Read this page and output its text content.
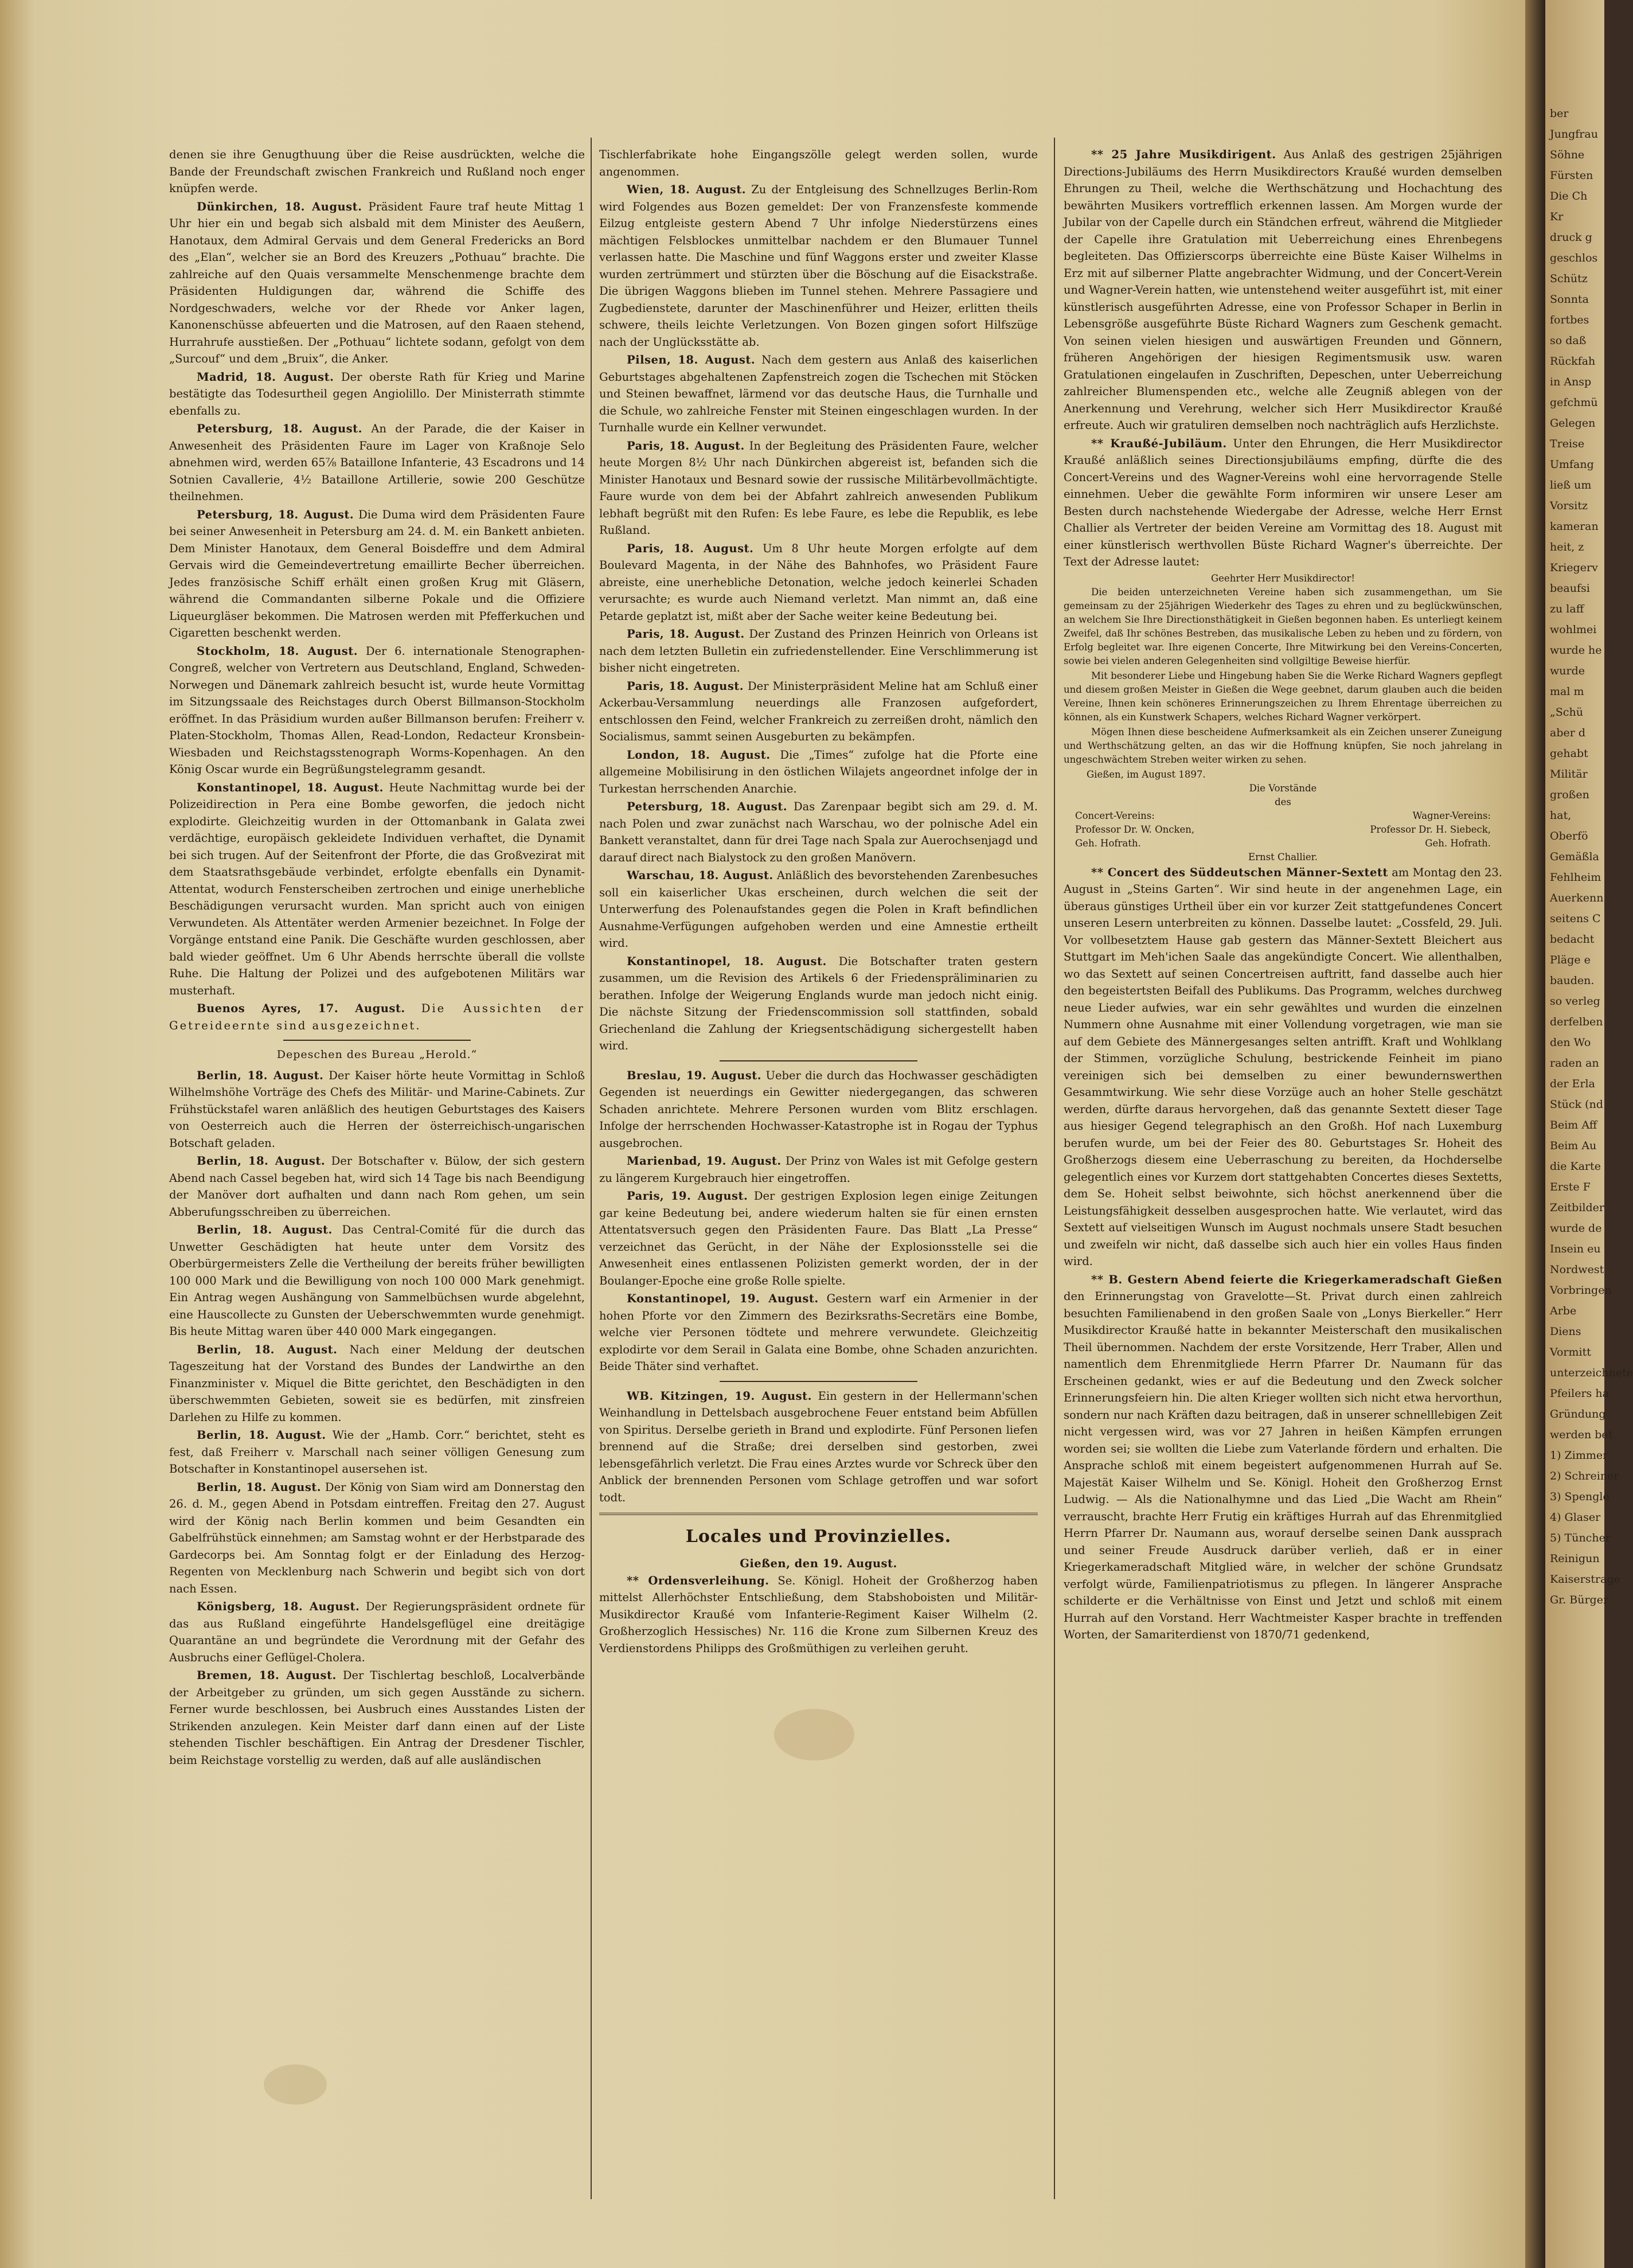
denen sie ihre Genugthuung über die Reise ausdrückten, welche die Bande der Freundschaft zwischen Frankreich und Rußland noch enger knüpfen werde.

Dünkirchen, 18. August. Präsident Faure traf heute Mittag 1 Uhr hier ein und begab sich alsbald mit dem Minister des Aeußern, Hanotaux, dem Admiral Gervais und dem General Fredericks an Bord des „Elan“, welcher sie an Bord des Kreuzers „Pothuau“ brachte. Die zahlreiche auf den Quais versammelte Menschenmenge brachte dem Präsidenten Huldigungen dar, während die Schiffe des Nordgeschwaders, welche vor der Rhede vor Anker lagen, Kanonenschüsse abfeuerten und die Matrosen, auf den Raaen stehend, Hurrahrufe ausstießen. Der „Pothuau“ lichtete sodann, gefolgt von dem „Surcouf“ und dem „Bruix“, die Anker.

Madrid, 18. August. Der oberste Rath für Krieg und Marine bestätigte das Todesurtheil gegen Angiolillo. Der Ministerrath stimmte ebenfalls zu.

Petersburg, 18. August. An der Parade, die der Kaiser in Anwesenheit des Präsidenten Faure im Lager von Kraßnoje Selo abnehmen wird, werden 65⅞ Bataillone Infanterie, 43 Escadrons und 14 Sotnien Cavallerie, 4½ Bataillone Artillerie, sowie 200 Geschütze theilnehmen.

Petersburg, 18. August. Die Duma wird dem Präsidenten Faure bei seiner Anwesenheit in Petersburg am 24. d. M. ein Bankett anbieten. Dem Minister Hanotaux, dem General Boisdeffre und dem Admiral Gervais wird die Gemeindevertretung emaillirte Becher überreichen. Jedes französische Schiff erhält einen großen Krug mit Gläsern, während die Commandanten silberne Pokale und die Offiziere Liqueurgläser bekommen. Die Matrosen werden mit Pfefferkuchen und Cigaretten beschenkt werden.

Stockholm, 18. August. Der 6. internationale Stenographen-Congreß, welcher von Vertretern aus Deutschland, England, Schweden-Norwegen und Dänemark zahlreich besucht ist, wurde heute Vormittag im Sitzungssaale des Reichstages durch Oberst Billmanson-Stockholm eröffnet. In das Präsidium wurden außer Billmanson berufen: Freiherr v. Platen-Stockholm, Thomas Allen, Read-London, Redacteur Kronsbein-Wiesbaden und Reichstagsstenograph Worms-Kopenhagen. An den König Oscar wurde ein Begrüßungstelegramm gesandt.

Konstantinopel, 18. August. Heute Nachmittag wurde bei der Polizeidirection in Pera eine Bombe geworfen, die jedoch nicht explodirte. Gleichzeitig wurden in der Ottomanbank in Galata zwei verdächtige, europäisch gekleidete Individuen verhaftet, die Dynamit bei sich trugen. Auf der Seitenfront der Pforte, die das Großvezirat mit dem Staatsrathsgebäude verbindet, erfolgte ebenfalls ein Dynamit-Attentat, wodurch Fensterscheiben zertrochen und einige unerhebliche Beschädigungen verursacht wurden. Man spricht auch von einigen Verwundeten. Als Attentäter werden Armenier bezeichnet. In Folge der Vorgänge entstand eine Panik. Die Geschäfte wurden geschlossen, aber bald wieder geöffnet. Um 6 Uhr Abends herrschte überall die vollste Ruhe. Die Haltung der Polizei und des aufgebotenen Militärs war musterhaft.

Buenos Ayres, 17. August. Die Aussichten der Getreideernte sind ausgezeichnet.

Depeschen des Bureau „Herold.“

Berlin, 18. August. Der Kaiser hörte heute Vormittag in Schloß Wilhelmshöhe Vorträge des Chefs des Militär- und Marine-Cabinets. Zur Frühstückstafel waren anläßlich des heutigen Geburtstages des Kaisers von Oesterreich auch die Herren der österreichisch-ungarischen Botschaft geladen.

Berlin, 18. August. Der Botschafter v. Bülow, der sich gestern Abend nach Cassel begeben hat, wird sich 14 Tage bis nach Beendigung der Manöver dort aufhalten und dann nach Rom gehen, um sein Abberufungsschreiben zu überreichen.

Berlin, 18. August. Das Central-Comité für die durch das Unwetter Geschädigten hat heute unter dem Vorsitz des Oberbürgermeisters Zelle die Vertheilung der bereits früher bewilligten 100 000 Mark und die Bewilligung von noch 100 000 Mark genehmigt. Ein Antrag wegen Aushängung von Sammelbüchsen wurde abgelehnt, eine Hauscollecte zu Gunsten der Ueberschwemmten wurde genehmigt. Bis heute Mittag waren über 440 000 Mark eingegangen.

Berlin, 18. August. Nach einer Meldung der deutschen Tageszeitung hat der Vorstand des Bundes der Landwirthe an den Finanzminister v. Miquel die Bitte gerichtet, den Beschädigten in den überschwemmten Gebieten, soweit sie es bedürfen, mit zinsfreien Darlehen zu Hilfe zu kommen.

Berlin, 18. August. Wie der „Hamb. Corr.“ berichtet, steht es fest, daß Freiherr v. Marschall nach seiner völligen Genesung zum Botschafter in Konstantinopel ausersehen ist.

Berlin, 18. August. Der König von Siam wird am Donnerstag den 26. d. M., gegen Abend in Potsdam eintreffen. Freitag den 27. August wird der König nach Berlin kommen und beim Gesandten ein Gabelfrühstück einnehmen; am Samstag wohnt er der Herbstparade des Gardecorps bei. Am Sonntag folgt er der Einladung des Herzog-Regenten von Mecklenburg nach Schwerin und begibt sich von dort nach Essen.

Königsberg, 18. August. Der Regierungspräsident ordnete für das aus Rußland eingeführte Handelsgeflügel eine dreitägige Quarantäne an und begründete die Verordnung mit der Gefahr des Ausbruchs einer Geflügel-Cholera.

Bremen, 18. August. Der Tischlertag beschloß, Localverbände der Arbeitgeber zu gründen, um sich gegen Ausstände zu sichern. Ferner wurde beschlossen, bei Ausbruch eines Ausstandes Listen der Strikenden anzulegen. Kein Meister darf dann einen auf der Liste stehenden Tischler beschäftigen. Ein Antrag der Dresdener Tischler, beim Reichstage vorstellig zu werden, daß auf alle ausländischen

Tischlerfabrikate hohe Eingangszölle gelegt werden sollen, wurde angenommen.

Wien, 18. August. Zu der Entgleisung des Schnellzuges Berlin-Rom wird Folgendes aus Bozen gemeldet: Der von Franzensfeste kommende Eilzug entgleiste gestern Abend 7 Uhr infolge Niederstürzens eines mächtigen Felsblockes unmittelbar nachdem er den Blumauer Tunnel verlassen hatte. Die Maschine und fünf Waggons erster und zweiter Klasse wurden zertrümmert und stürzten über die Böschung auf die Eisackstraße. Die übrigen Waggons blieben im Tunnel stehen. Mehrere Passagiere und Zugbedienstete, darunter der Maschinenführer und Heizer, erlitten theils schwere, theils leichte Verletzungen. Von Bozen gingen sofort Hilfszüge nach der Unglücksstätte ab.

Pilsen, 18. August. Nach dem gestern aus Anlaß des kaiserlichen Geburtstages abgehaltenen Zapfenstreich zogen die Tschechen mit Stöcken und Steinen bewaffnet, lärmend vor das deutsche Haus, die Turnhalle und die Schule, wo zahlreiche Fenster mit Steinen eingeschlagen wurden. In der Turnhalle wurde ein Kellner verwundet.

Paris, 18. August. In der Begleitung des Präsidenten Faure, welcher heute Morgen 8½ Uhr nach Dünkirchen abgereist ist, befanden sich die Minister Hanotaux und Besnard sowie der russische Militärbevollmächtigte. Faure wurde von dem bei der Abfahrt zahlreich anwesenden Publikum lebhaft begrüßt mit den Rufen: Es lebe Faure, es lebe die Republik, es lebe Rußland.

Paris, 18. August. Um 8 Uhr heute Morgen erfolgte auf dem Boulevard Magenta, in der Nähe des Bahnhofes, wo Präsident Faure abreiste, eine unerhebliche Detonation, welche jedoch keinerlei Schaden verursachte; es wurde auch Niemand verletzt. Man nimmt an, daß eine Petarde geplatzt ist, mißt aber der Sache weiter keine Bedeutung bei.

Paris, 18. August. Der Zustand des Prinzen Heinrich von Orleans ist nach dem letzten Bulletin ein zufriedenstellender. Eine Verschlimmerung ist bisher nicht eingetreten.

Paris, 18. August. Der Ministerpräsident Meline hat am Schluß einer Ackerbau-Versammlung neuerdings alle Franzosen aufgefordert, entschlossen den Feind, welcher Frankreich zu zerreißen droht, nämlich den Socialismus, sammt seinen Ausgeburten zu bekämpfen.

London, 18. August. Die „Times“ zufolge hat die Pforte eine allgemeine Mobilisirung in den östlichen Wilajets angeordnet infolge der in Turkestan herrschenden Anarchie.

Petersburg, 18. August. Das Zarenpaar begibt sich am 29. d. M. nach Polen und zwar zunächst nach Warschau, wo der polnische Adel ein Bankett veranstaltet, dann für drei Tage nach Spala zur Auerochsenjagd und darauf direct nach Bialystock zu den großen Manövern.

Warschau, 18. August. Anläßlich des bevorstehenden Zarenbesuches soll ein kaiserlicher Ukas erscheinen, durch welchen die seit der Unterwerfung des Polenaufstandes gegen die Polen in Kraft befindlichen Ausnahme-Verfügungen aufgehoben werden und eine Amnestie ertheilt wird.

Konstantinopel, 18. August. Die Botschafter traten gestern zusammen, um die Revision des Artikels 6 der Friedenspräliminarien zu berathen. Infolge der Weigerung Englands wurde man jedoch nicht einig. Die nächste Sitzung der Friedenscommission soll stattfinden, sobald Griechenland die Zahlung der Kriegsentschädigung sichergestellt haben wird.

Breslau, 19. August. Ueber die durch das Hochwasser geschädigten Gegenden ist neuerdings ein Gewitter niedergegangen, das schweren Schaden anrichtete. Mehrere Personen wurden vom Blitz erschlagen. Infolge der herrschenden Hochwasser-Katastrophe ist in Rogau der Typhus ausgebrochen.

Marienbad, 19. August. Der Prinz von Wales ist mit Gefolge gestern zu längerem Kurgebrauch hier eingetroffen.

Paris, 19. August. Der gestrigen Explosion legen einige Zeitungen gar keine Bedeutung bei, andere wiederum halten sie für einen ernsten Attentatsversuch gegen den Präsidenten Faure. Das Blatt „La Presse“ verzeichnet das Gerücht, in der Nähe der Explosionsstelle sei die Anwesenheit eines entlassenen Polizisten gemerkt worden, der in der Boulanger-Epoche eine große Rolle spielte.

Konstantinopel, 19. August. Gestern warf ein Armenier in der hohen Pforte vor den Zimmern des Bezirksraths-Secretärs eine Bombe, welche vier Personen tödtete und mehrere verwundete. Gleichzeitig explodirte vor dem Serail in Galata eine Bombe, ohne Schaden anzurichten. Beide Thäter sind verhaftet.

WB. Kitzingen, 19. August. Ein gestern in der Hellermann'schen Weinhandlung in Dettelsbach ausgebrochene Feuer entstand beim Abfüllen von Spiritus. Derselbe gerieth in Brand und explodirte. Fünf Personen liefen brennend auf die Straße; drei derselben sind gestorben, zwei lebensgefährlich verletzt. Die Frau eines Arztes wurde vor Schreck über den Anblick der brennenden Personen vom Schlage getroffen und war sofort todt.

Locales und Provinzielles.
Gießen, den 19. August.

** Ordensverleihung. Se. Königl. Hoheit der Großherzog haben mittelst Allerhöchster Entschließung, dem Stabshoboisten und Militär-Musikdirector Kraußé vom Infanterie-Regiment Kaiser Wilhelm (2. Großherzoglich Hessisches) Nr. 116 die Krone zum Silbernen Kreuz des Verdienstordens Philipps des Großmüthigen zu verleihen geruht.

** 25 Jahre Musikdirigent. Aus Anlaß des gestrigen 25jährigen Directions-Jubiläums des Herrn Musikdirectors Kraußé wurden demselben Ehrungen zu Theil, welche die Werthschätzung und Hochachtung des bewährten Musikers vortrefflich erkennen lassen. Am Morgen wurde der Jubilar von der Capelle durch ein Ständchen erfreut, während die Mitglieder der Capelle ihre Gratulation mit Ueberreichung eines Ehrenbegens begleiteten. Das Offizierscorps überreichte eine Büste Kaiser Wilhelms in Erz mit auf silberner Platte angebrachter Widmung, und der Concert-Verein und Wagner-Verein hatten, wie untenstehend weiter ausgeführt ist, mit einer künstlerisch ausgeführten Adresse, eine von Professor Schaper in Berlin in Lebensgröße ausgeführte Büste Richard Wagners zum Geschenk gemacht. Von seinen vielen hiesigen und auswärtigen Freunden und Gönnern, früheren Angehörigen der hiesigen Regimentsmusik usw. waren Gratulationen eingelaufen in Zuschriften, Depeschen, unter Ueberreichung zahlreicher Blumenspenden etc., welche alle Zeugniß ablegen von der Anerkennung und Verehrung, welcher sich Herr Musikdirector Kraußé erfreute. Auch wir gratuliren demselben noch nachträglich aufs Herzlichste.

** Kraußé-Jubiläum. Unter den Ehrungen, die Herr Musikdirector Kraußé anläßlich seines Directionsjubiläums empfing, dürfte die des Concert-Vereins und des Wagner-Vereins wohl eine hervorragende Stelle einnehmen. Ueber die gewählte Form informiren wir unsere Leser am Besten durch nachstehende Wiedergabe der Adresse, welche Herr Ernst Challier als Vertreter der beiden Vereine am Vormittag des 18. August mit einer künstlerisch werthvollen Büste Richard Wagner's überreichte. Der Text der Adresse lautet:

Geehrter Herr Musikdirector!

Die beiden unterzeichneten Vereine haben sich zusammengethan, um Sie gemeinsam zu der 25jährigen Wiederkehr des Tages zu ehren und zu beglückwünschen, an welchem Sie Ihre Directionsthätigkeit in Gießen begonnen haben. Es unterliegt keinem Zweifel, daß Ihr schönes Bestreben, das musikalische Leben zu heben und zu fördern, von Erfolg begleitet war. Ihre eigenen Concerte, Ihre Mitwirkung bei den Vereins-Concerten, sowie bei vielen anderen Gelegenheiten sind vollgiltige Beweise hierfür.

Mit besonderer Liebe und Hingebung haben Sie die Werke Richard Wagners gepflegt und diesem großen Meister in Gießen die Wege geebnet, darum glauben auch die beiden Vereine, Ihnen kein schöneres Erinnerungszeichen zu Ihrem Ehrentage überreichen zu können, als ein Kunstwerk Schapers, welches Richard Wagner verkörpert.

Mögen Ihnen diese bescheidene Aufmerksamkeit als ein Zeichen unserer Zuneigung und Werthschätzung gelten, an das wir die Hoffnung knüpfen, Sie noch jahrelang in ungeschwächtem Streben weiter wirken zu sehen.

Gießen, im August 1897.
Die Vorstände
des
Concert-Vereins:	Wagner-Vereins:
Professor Dr. W. Oncken,	Professor Dr. H. Siebeck,
Geh. Hofrath.	Geh. Hofrath.
Ernst Challier.

** Concert des Süddeutschen Männer-Sextett am Montag den 23. August in „Steins Garten“. Wir sind heute in der angenehmen Lage, ein überaus günstiges Urtheil über ein vor kurzer Zeit stattgefundenes Concert unseren Lesern unterbreiten zu können. Dasselbe lautet: „Cossfeld, 29. Juli. Vor vollbesetztem Hause gab gestern das Männer-Sextett Bleichert aus Stuttgart im Meh'ichen Saale das angekündigte Concert. Wie allenthalben, wo das Sextett auf seinen Concertreisen auftritt, fand dasselbe auch hier den begeistertsten Beifall des Publikums. Das Programm, welches durchweg neue Lieder aufwies, war ein sehr gewähltes und wurden die einzelnen Nummern ohne Ausnahme mit einer Vollendung vorgetragen, wie man sie auf dem Gebiete des Männergesanges selten antrifft. Kraft und Wohlklang der Stimmen, vorzügliche Schulung, bestrickende Feinheit im piano vereinigen sich bei demselben zu einer bewundernswerthen Gesammtwirkung. Wie sehr diese Vorzüge auch an hoher Stelle geschätzt werden, dürfte daraus hervorgehen, daß das genannte Sextett dieser Tage aus hiesiger Gegend telegraphisch an den Großh. Hof nach Luxemburg berufen wurde, um bei der Feier des 80. Geburtstages Sr. Hoheit des Großherzogs diesem eine Ueberraschung zu bereiten, da Hochderselbe gelegentlich eines vor Kurzem dort stattgehabten Concertes dieses Sextetts, dem Se. Hoheit selbst beiwohnte, sich höchst anerkennend über die Leistungsfähigkeit desselben ausgesprochen hatte. Wie verlautet, wird das Sextett auf vielseitigen Wunsch im August nochmals unsere Stadt besuchen und zweifeln wir nicht, daß dasselbe sich auch hier ein volles Haus finden wird.

** B. Gestern Abend feierte die Kriegerkameradschaft Gießen den Erinnerungstag von Gravelotte—St. Privat durch einen zahlreich besuchten Familienabend in den großen Saale von „Lonys Bierkeller.“ Herr Musikdirector Kraußé hatte in bekannter Meisterschaft den musikalischen Theil übernommen. Nachdem der erste Vorsitzende, Herr Traber, Allen und namentlich dem Ehrenmitgliede Herrn Pfarrer Dr. Naumann für das Erscheinen gedankt, wies er auf die Bedeutung und den Zweck solcher Erinnerungsfeiern hin. Die alten Krieger wollten sich nicht etwa hervorthun, sondern nur nach Kräften dazu beitragen, daß in unserer schnelllebigen Zeit nicht vergessen wird, was vor 27 Jahren in heißen Kämpfen errungen worden sei; sie wollten die Liebe zum Vaterlande fördern und erhalten. Die Ansprache schloß mit einem begeistert aufgenommenen Hurrah auf Se. Majestät Kaiser Wilhelm und Se. Königl. Hoheit den Großherzog Ernst Ludwig. — Als die Nationalhymne und das Lied „Die Wacht am Rhein“ verrauscht, brachte Herr Frutig ein kräftiges Hurrah auf das Ehrenmitglied Herrn Pfarrer Dr. Naumann aus, worauf derselbe seinen Dank aussprach und seiner Freude Ausdruck darüber verlieh, daß er in einer Kriegerkameradschaft Mitglied wäre, in welcher der schöne Grundsatz verfolgt würde, Familienpatriotismus zu pflegen. In längerer Ansprache schilderte er die Verhältnisse von Einst und Jetzt und schloß mit einem Hurrah auf den Vorstand. Herr Wachtmeister Kasper brachte in treffenden Worten, der Samariterdienst von 1870/71 gedenkend,

ber
Jungfrau
Söhne
Fürsten
Die Ch
Kr
druck g
geschlos
Schütz
Sonnta
fortbes
so daß
Rückfah
in Ansp
gefchmü
Gelegen
Treise
Umfang
ließ um
Vorsitz
kameran
heit, z
Kriegerv
beaufsi
zu laff
wohlmei
wurde he
wurde
mal m
„Schü
aber d
gehabt
Militär
großen
hat,
Oberfö
Gemäßla
Fehlheim
Auerkenn
seitens C
bedacht
Pläge e
bauden.
so verleg
derfelben
den Wo
raden an
der Erla
Stück (nd
Beim Aff
Beim Au
die Karte
Erste F
Zeitbilder
wurde de
Insein eu
Nordwest
Vorbringen
Arbe
Diens
Vormitt
unterzeichnete
Pfeilers ha
Gründung
werden bet
1) Zimmer
2) Schreiner
3) Spengle
4) Glaser
5) Tüncher
Reinigun
Kaiserstrage
Gr. Bürger
